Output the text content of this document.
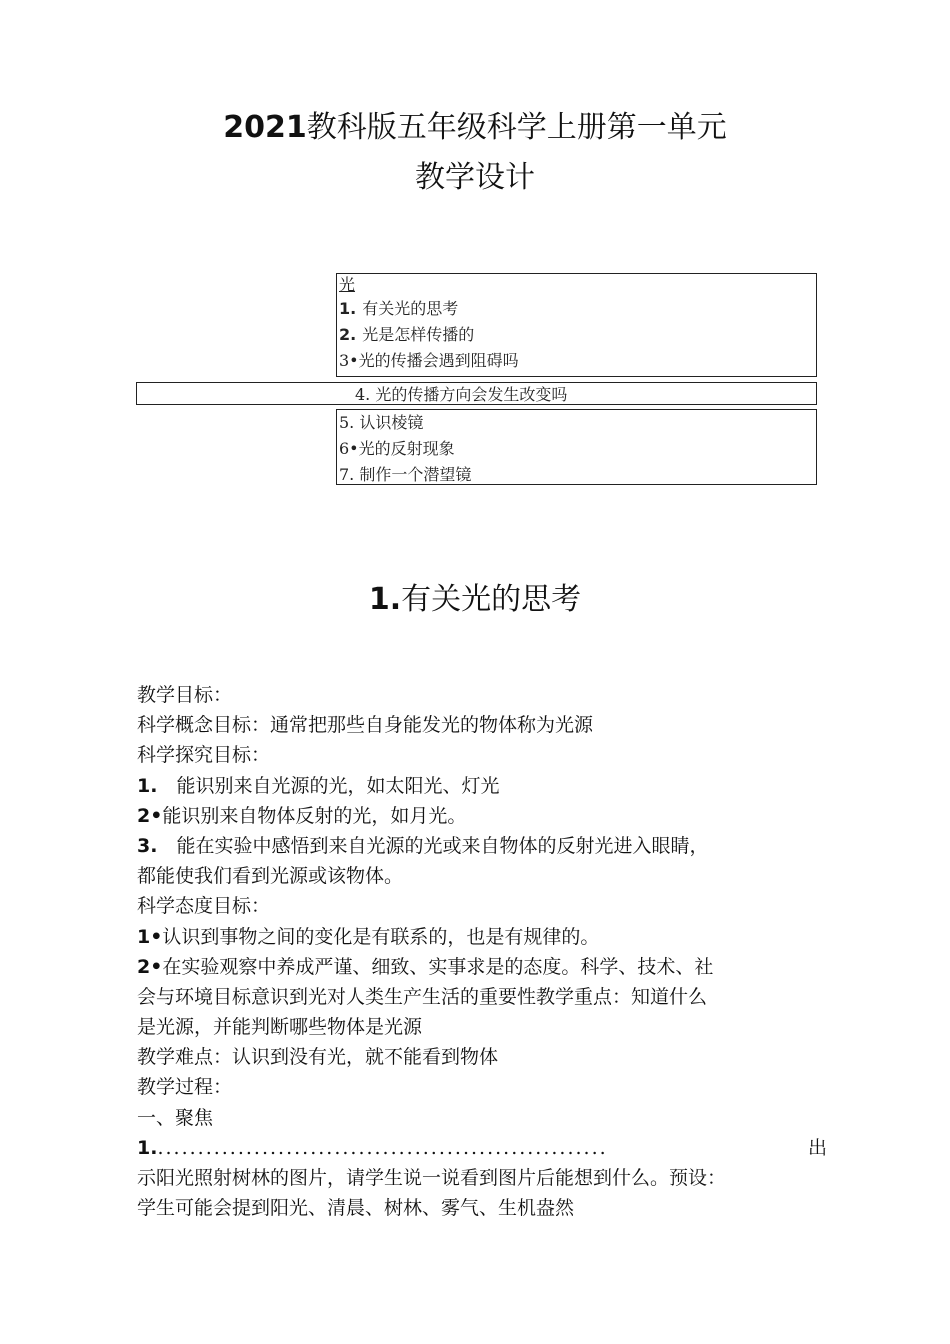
2021教科版五年级科学上册第一单元
教学设计
光
1. 有关光的思考
2. 光是怎样传播的
3•光的传播会遇到阻碍吗
4. 光的传播方向会发生改变吗
5. 认识棱镜
6•光的反射现象
7. 制作一个潜望镜
1.有关光的思考
教学目标：
科学概念目标：通常把那些自身能发光的物体称为光源
科学探究目标：
1.　能识别来自光源的光，如太阳光、灯光
2•能识别来自物体反射的光，如月光。
3.　能在实验中感悟到来自光源的光或来自物体的反射光进入眼睛，
都能使我们看到光源或该物体。
科学态度目标：
1•认识到事物之间的变化是有联系的，也是有规律的。
2•在实验观察中养成严谨、细致、实事求是的态度。科学、技术、社
会与环境目标意识到光对人类生产生活的重要性教学重点：知道什么
是光源，并能判断哪些物体是光源
教学难点：认识到没有光，就不能看到物体
教学过程：
一、聚焦
1. ........................................................	出
示阳光照射树林的图片，请学生说一说看到图片后能想到什么。预设：
学生可能会提到阳光、清晨、树林、雾气、生机盎然
